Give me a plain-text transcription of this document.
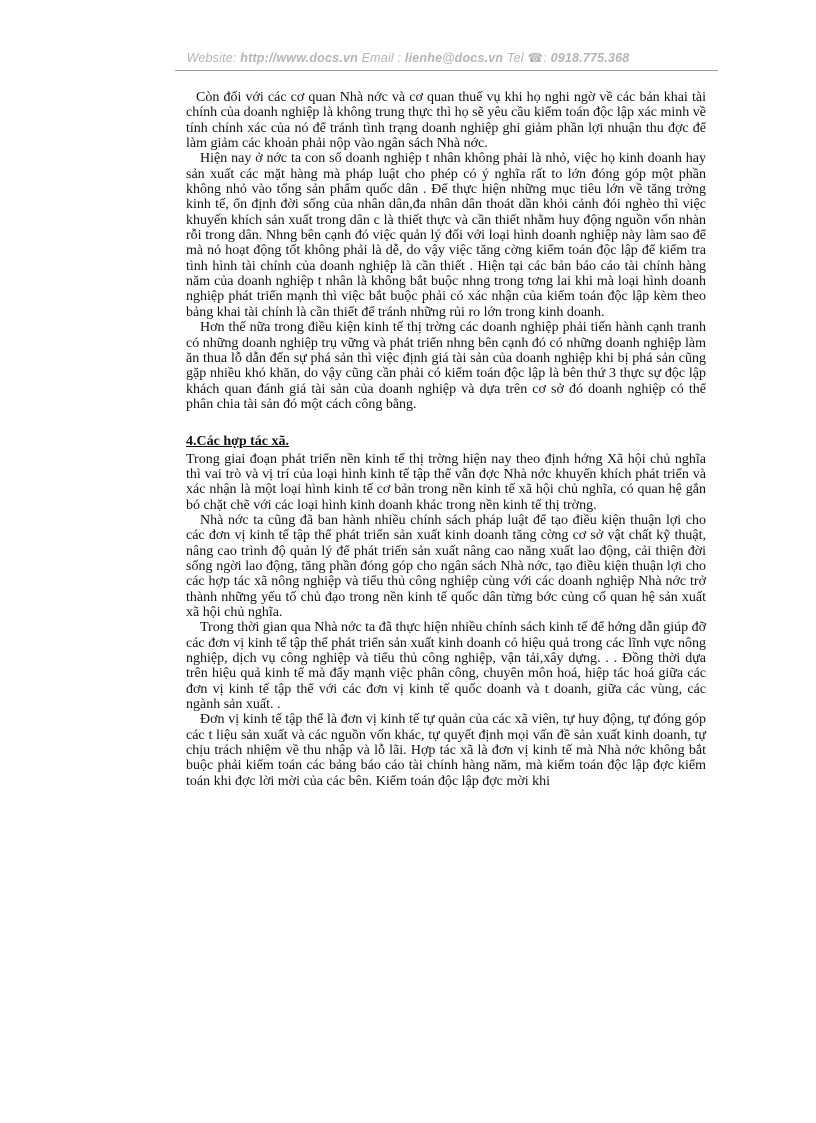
Website: http://www.docs.vn Email : lienhe@docs.vn Tel ☎: 0918.775.368

Còn đối với các cơ quan Nhà nớc và cơ quan thuế vụ khi họ nghi ngờ về các bản khai tài chính của doanh nghiệp là không trung thực thì họ sẽ yêu cầu kiểm toán độc lập xác minh về tính chính xác của nó để tránh tình trạng doanh nghiệp ghi giảm phần lợi nhuận thu đợc để làm giảm các khoản phải nộp vào ngân sách Nhà nớc.

Hiện nay ở nớc ta con số doanh nghiệp t nhân không phải là nhỏ, việc họ kinh doanh hay sản xuất các mặt hàng mà pháp luật cho phép có ý nghĩa rất to lớn đóng góp một phần không nhỏ vào tổng sản phẩm quốc dân . Để thực hiện những mục tiêu lớn về tăng trởng kinh tế, ổn định đời sống của nhân dân,đa nhân dân thoát dần khỏi cảnh đói nghèo thì việc khuyến khích sản xuất trong dân c là thiết thực và cần thiết nhằm huy động nguồn vốn nhàn rỗi trong dân. Nhng bên cạnh đó việc quản lý đối với loại hình doanh nghiệp này làm sao để mà nó hoạt động tốt không phải là dễ, do vậy việc tăng cờng kiểm toán độc lập để kiểm tra tình hình tài chính của doanh nghiệp là cần thiết . Hiện tại các bản báo cáo tài chính hàng năm của doanh nghiệp t nhân là không bắt buộc nhng trong tơng lai khi mà loại hình doanh nghiệp phát triển mạnh thì việc bắt buộc phải có xác nhận của kiểm toán độc lập kèm theo bảng khai tài chính là cần thiết để tránh những rủi ro lớn trong kinh doanh.

Hơn thế nữa trong điều kiện kinh tế thị trờng các doanh nghiệp phải tiến hành cạnh tranh có những doanh nghiệp trụ vững và phát triển nhng bên cạnh đó có những doanh nghiệp làm ăn thua lỗ dẫn đến sự phá sản thì việc định giá tài sản của doanh nghiệp khi bị phá sản cũng gặp nhiều khó khăn, do vậy cũng cần phải có kiểm toán độc lập là bên thứ 3 thực sự độc lập khách quan đánh giá tài sản của doanh nghiệp và dựa trên cơ sở đó doanh nghiệp có thể phân chia tài sản đó một cách công bằng.

4.Các hợp tác xã.

Trong giai đoạn phát triển nền kinh tế thị trờng hiện nay theo định hớng Xã hội chủ nghĩa thì vai trò và vị trí của loại hình kinh tế tập thể vẫn đợc Nhà nớc khuyến khích phát triển và xác nhận là một loại hình kinh tế cơ bản trong nền kinh tế xã hội chủ nghĩa, có quan hệ gắn bó chặt chẽ với các loại hình kinh doanh khác trong nền kinh tế thị trờng.

Nhà nớc ta cũng đã ban hành nhiều chính sách pháp luật để tạo điều kiện thuận lợi cho các đơn vị kinh tế tập thể phát triển sản xuất kinh doanh tăng cờng cơ sở vật chất kỹ thuật, nâng cao trình độ quản lý để phát triển sản xuất nâng cao năng xuất lao động, cải thiện đời sống ngời lao động, tăng phần đóng góp cho ngân sách Nhà nớc, tạo điều kiện thuận lợi cho các hợp tác xã nông nghiệp và tiểu thủ công nghiệp cùng với các doanh nghiệp Nhà nớc trở thành những yếu tố chủ đạo trong nền kinh tế quốc dân từng bớc củng cố quan hệ sản xuất xã hội chủ nghĩa.

Trong thời gian qua Nhà nớc ta đã thực hiện nhiều chính sách kinh tế để hớng dẫn giúp đỡ các đơn vị kinh tế tập thể phát triển sản xuất kinh doanh có hiệu quả trong các lĩnh vực nông nghiệp, dịch vụ công nghiệp và tiểu thủ công nghiệp, vận tải,xây dựng. . . Đồng thời dựa trên hiệu quả kinh tế mà đẩy mạnh việc phân công, chuyên môn hoá, hiệp tác hoá giữa các đơn vị kinh tế tập thể với các đơn vị kinh tế quốc doanh và t doanh, giữa các vùng, các ngành sản xuất. .

Đơn vị kinh tế tập thể là đơn vị kinh tế tự quản của các xã viên, tự huy động, tự đóng góp các t liệu sản xuất và các nguồn vốn khác, tự quyết định mọi vấn đề sản xuất kinh doanh, tự chịu trách nhiệm về thu nhập và lỗ lãi. Hợp tác xã là đơn vị kinh tế mà Nhà nớc không bắt buộc phải kiểm toán các bảng báo cáo tài chính hàng năm, mà kiểm toán độc lập đợc kiểm toán khi đợc lời mời của các bên. Kiểm toán độc lập đợc mời khi
